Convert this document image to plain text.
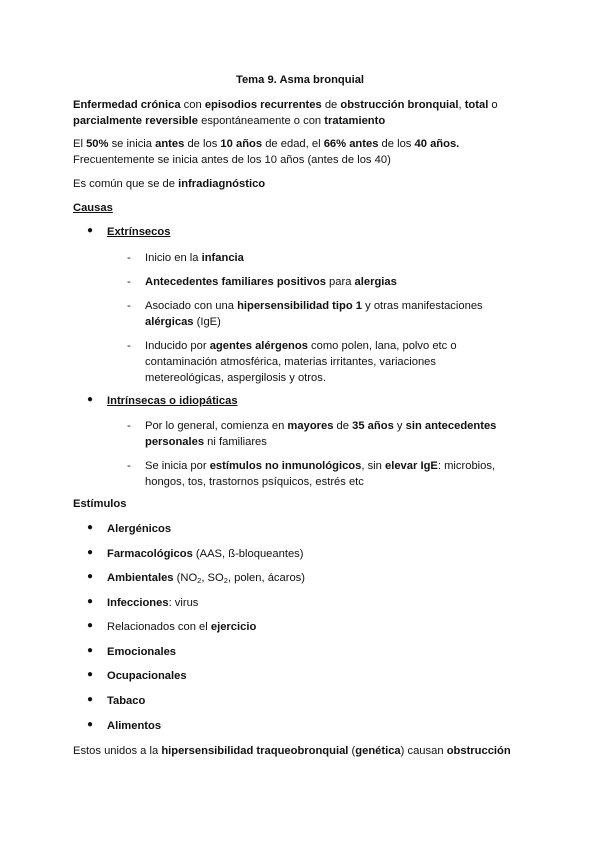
Tema 9. Asma bronquial
Enfermedad crónica con episodios recurrentes de obstrucción bronquial, total o parcialmente reversible espontáneamente o con tratamiento
El 50% se inicia antes de los 10 años de edad, el 66% antes de los 40 años.
Frecuentemente se inicia antes de los 10 años (antes de los 40)
Es común que se de infradiagnóstico
Causas
● Extrínsecos
- Inicio en la infancia
- Antecedentes familiares positivos para alergias
- Asociado con una hipersensibilidad tipo 1 y otras manifestaciones alérgicas (IgE)
- Inducido por agentes alérgenos como polen, lana, polvo etc o contaminación atmosférica, materias irritantes, variaciones metereológicas, aspergilosis y otros.
● Intrínsecas o idiopáticas
- Por lo general, comienza en mayores de 35 años y sin antecedentes personales ni familiares
- Se inicia por estímulos no inmunológicos, sin elevar IgE: microbios, hongos, tos, trastornos psíquicos, estrés etc
Estímulos
● Alergénicos
● Farmacológicos (AAS, ß-bloqueantes)
● Ambientales ($NO_2$, $SO_2$, polen, ácaros)
● Infecciones: virus
● Relacionados con el ejercicio
● Emocionales
● Ocupacionales
● Tabaco
● Alimentos
Estos unidos a la hipersensibilidad traqueobronquial (genética) causan obstrucción
